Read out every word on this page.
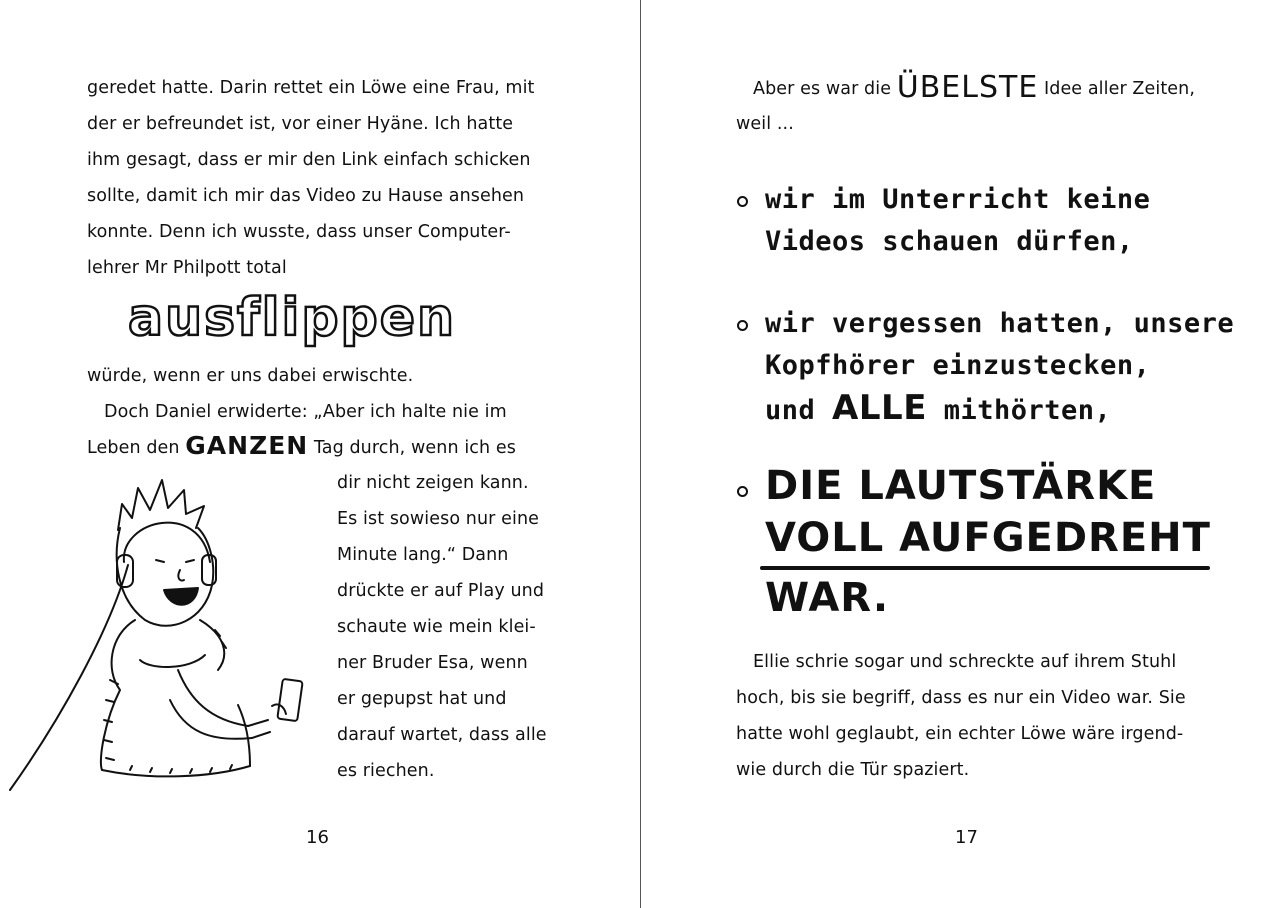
geredet hatte. Darin rettet ein Löwe eine Frau, mit
der er befreundet ist, vor einer Hyäne. Ich hatte
ihm gesagt, dass er mir den Link einfach schicken
sollte, damit ich mir das Video zu Hause ansehen
konnte. Denn ich wusste, dass unser Computer-
lehrer Mr Philpott total
ausflippen
würde, wenn er uns dabei erwischte.
Doch Daniel erwiderte: „Aber ich halte nie im
Leben den GANZEN Tag durch, wenn ich es
dir nicht zeigen kann.
Es ist sowieso nur eine
Minute lang.“ Dann
drückte er auf Play und
schaute wie mein klei-
ner Bruder Esa, wenn
er gepupst hat und
darauf wartet, dass alle
es riechen.
16
Aber es war die ÜBELSTE Idee aller Zeiten,
weil ...
wir im Unterricht keine
Videos schauen dürfen,
wir vergessen hatten, unsere
Kopfhörer einzustecken,
und ALLE mithörten,
DIE LAUTSTÄRKE
VOLL AUFGEDREHT
WAR.
Ellie schrie sogar und schreckte auf ihrem Stuhl
hoch, bis sie begriff, dass es nur ein Video war. Sie
hatte wohl geglaubt, ein echter Löwe wäre irgend-
wie durch die Tür spaziert.
17
